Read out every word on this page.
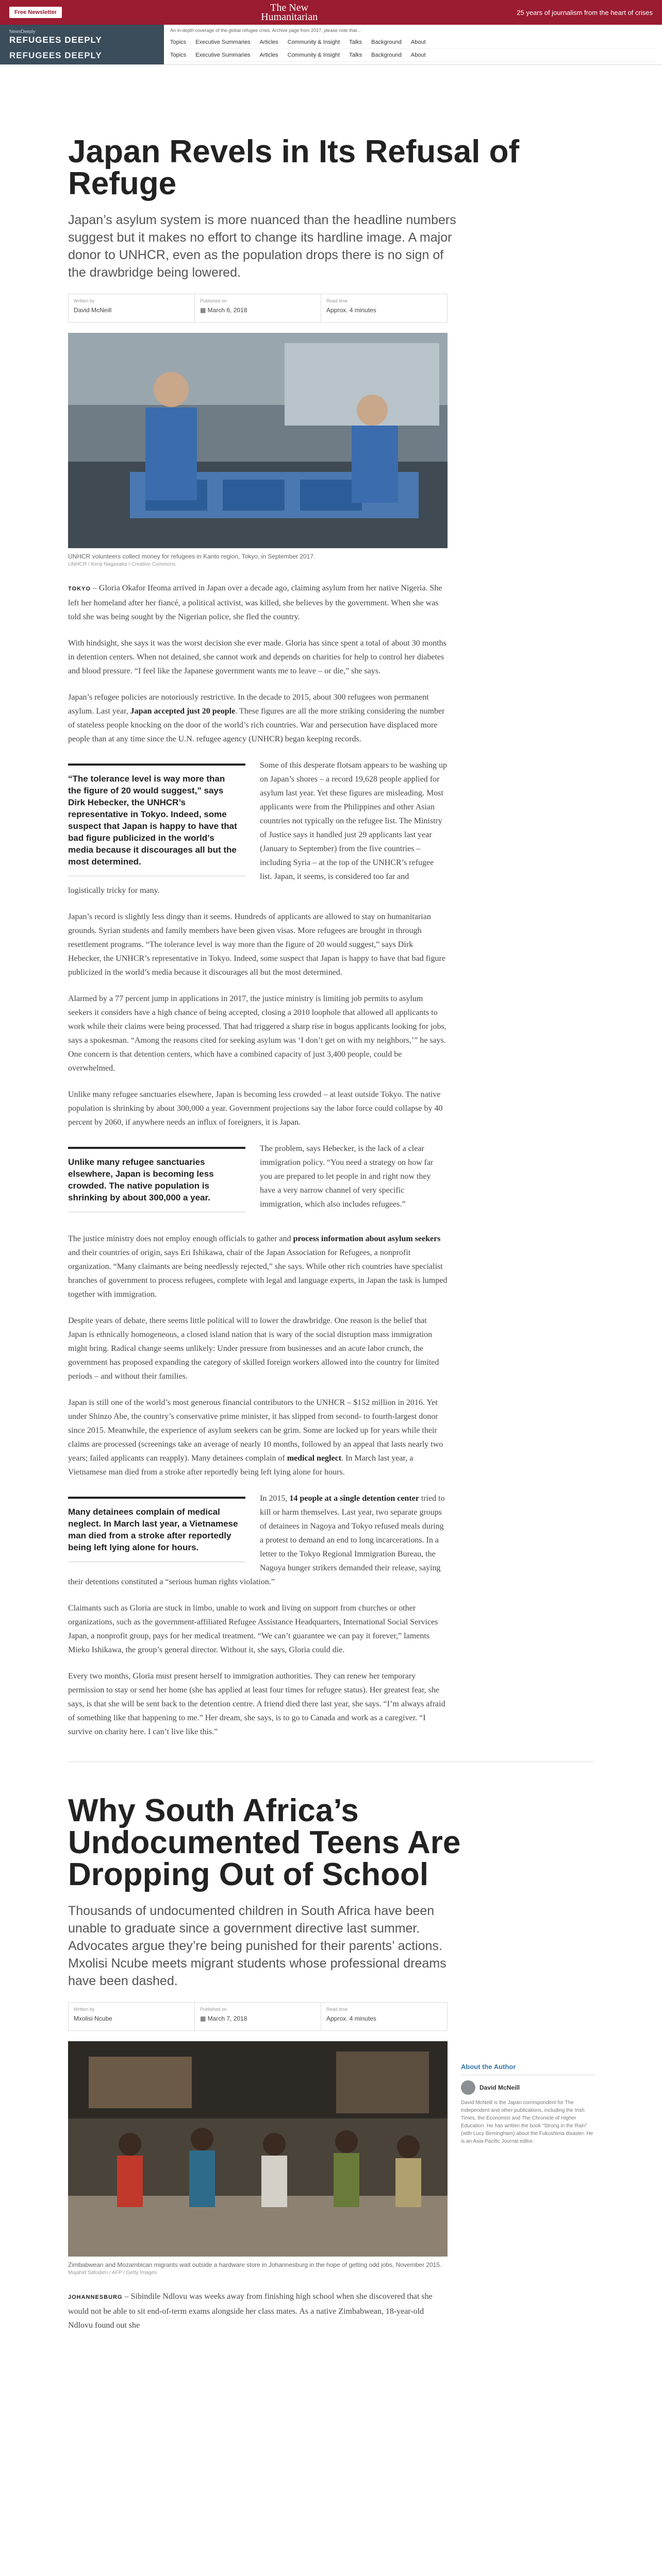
Free Newsletter	The New
Humanitarian	25 years of journalism from the heart of crises
NewsDeeply
REFUGEES DEEPLY
REFUGEES DEEPLY
An in-depth coverage of the global refugee crisis. Archive page from 2017, please note that...
Topics Executive Summaries Articles Community & Insight Talks Background About
Topics Executive Summaries Articles Community & Insight Talks Background About
Japan Revels in Its Refusal of Refuge
Japan’s asylum system is more nuanced than the headline numbers suggest but it makes no effort to change its hardline image. A major donor to UNHCR, even as the population drops there is no sign of the drawbridge being lowered.
Written by
David McNeill
Published on
▦ March 6, 2018
Read time
Approx. 4 minutes
UNHCR volunteers collect money for refugees in Kanto region, Tokyo, in September 2017.
UNHCR / Kenji Nagasaka / Creative Commons

TOKYO – Gloria Okafor Ifeoma arrived in Japan over a decade ago, claiming asylum from her native Nigeria. She left her homeland after her fiancé, a political activist, was killed, she believes by the government. When she was told she was being sought by the Nigerian police, she fled the country.

With hindsight, she says it was the worst decision she ever made. Gloria has since spent a total of about 30 months in detention centers. When not detained, she cannot work and depends on charities for help to control her diabetes and blood pressure. “I feel like the Japanese government wants me to leave – or die,” she says.

Japan’s refugee policies are notoriously restrictive. In the decade to 2015, about 300 refugees won permanent asylum. Last year, Japan accepted just 20 people. These figures are all the more striking considering the number of stateless people knocking on the door of the world’s rich countries. War and persecution have displaced more people than at any time since the U.N. refugee agency (UNHCR) began keeping records.

“The tolerance level is way more than the figure of 20 would suggest,” says Dirk Hebecker, the UNHCR’s representative in Tokyo. Indeed, some suspect that Japan is happy to have that bad figure publicized in the world’s media because it discourages all but the most determined.

Some of this desperate flotsam appears to be washing up on Japan’s shores – a record 19,628 people applied for asylum last year. Yet these figures are misleading. Most applicants were from the Philippines and other Asian countries not typically on the refugee list. The Ministry of Justice says it handled just 29 applicants last year (January to September) from the five countries – including Syria – at the top of the UNHCR’s refugee list. Japan, it seems, is considered too far and logistically tricky for many.

Japan’s record is slightly less dingy than it seems. Hundreds of applicants are allowed to stay on humanitarian grounds. Syrian students and family members have been given visas. More refugees are brought in through resettlement programs. “The tolerance level is way more than the figure of 20 would suggest,” says Dirk Hebecker, the UNHCR’s representative in Tokyo. Indeed, some suspect that Japan is happy to have that bad figure publicized in the world’s media because it discourages all but the most determined.

Alarmed by a 77 percent jump in applications in 2017, the justice ministry is limiting job permits to asylum seekers it considers have a high chance of being accepted, closing a 2010 loophole that allowed all applicants to work while their claims were being processed. That had triggered a sharp rise in bogus applicants looking for jobs, says a spokesman. “Among the reasons cited for seeking asylum was ‘I don’t get on with my neighbors,’” he says. One concern is that detention centers, which have a combined capacity of just 3,400 people, could be overwhelmed.

Unlike many refugee sanctuaries elsewhere, Japan is becoming less crowded – at least outside Tokyo. The native population is shrinking by about 300,000 a year. Government projections say the labor force could collapse by 40 percent by 2060, if anywhere needs an influx of foreigners, it is Japan.

Unlike many refugee sanctuaries elsewhere, Japan is becoming less crowded. The native population is shrinking by about 300,000 a year.

The problem, says Hebecker, is the lack of a clear immigration policy. “You need a strategy on how far you are prepared to let people in and right now they have a very narrow channel of very specific immigration, which also includes refugees.”

The justice ministry does not employ enough officials to gather and process information about asylum seekers and their countries of origin, says Eri Ishikawa, chair of the Japan Association for Refugees, a nonprofit organization. “Many claimants are being needlessly rejected,” she says. While other rich countries have specialist branches of government to process refugees, complete with legal and language experts, in Japan the task is lumped together with immigration.

Despite years of debate, there seems little political will to lower the drawbridge. One reason is the belief that Japan is ethnically homogeneous, a closed island nation that is wary of the social disruption mass immigration might bring. Radical change seems unlikely: Under pressure from businesses and an acute labor crunch, the government has proposed expanding the category of skilled foreign workers allowed into the country for limited periods – and without their families.

Japan is still one of the world’s most generous financial contributors to the UNHCR – $152 million in 2016. Yet under Shinzo Abe, the country’s conservative prime minister, it has slipped from second- to fourth-largest donor since 2015. Meanwhile, the experience of asylum seekers can be grim. Some are locked up for years while their claims are processed (screenings take an average of nearly 10 months, followed by an appeal that lasts nearly two years; failed applicants can reapply). Many detainees complain of medical neglect. In March last year, a Vietnamese man died from a stroke after reportedly being left lying alone for hours.

Many detainees complain of medical neglect. In March last year, a Vietnamese man died from a stroke after reportedly being left lying alone for hours.

In 2015, 14 people at a single detention center tried to kill or harm themselves. Last year, two separate groups of detainees in Nagoya and Tokyo refused meals during a protest to demand an end to long incarcerations. In a letter to the Tokyo Regional Immigration Bureau, the Nagoya hunger strikers demanded their release, saying their detentions constituted a “serious human rights violation.”

Claimants such as Gloria are stuck in limbo, unable to work and living on support from churches or other organizations, such as the government-affiliated Refugee Assistance Headquarters, International Social Services Japan, a nonprofit group, pays for her medical treatment. “We can’t guarantee we can pay it forever,” laments Mieko Ishikawa, the group’s general director. Without it, she says, Gloria could die.

Every two months, Gloria must present herself to immigration authorities. They can renew her temporary permission to stay or send her home (she has applied at least four times for refugee status). Her greatest fear, she says, is that she will be sent back to the detention centre. A friend died there last year, she says. “I’m always afraid of something like that happening to me.” Her dream, she says, is to go to Canada and work as a caregiver. “I survive on charity here. I can’t live like this.”

About the Author
David McNeill

David McNeill is the Japan correspondent for The Independent and other publications, including the Irish Times, the Economist and The Chronicle of Higher Education. He has written the book “Strong in the Rain” (with Lucy Birmingham) about the Fukushima disaster. He is an Asia-Pacific Journal editor.

Why South Africa’s Undocumented Teens Are Dropping Out of School
Thousands of undocumented children in South Africa have been unable to graduate since a government directive last summer. Advocates argue they’re being punished for their parents’ actions. Mxolisi Ncube meets migrant students whose professional dreams have been dashed.
Written by
Mxolisi Ncube
Published on
▦ March 7, 2018
Read time
Approx. 4 minutes
Zimbabwean and Mozambican migrants wait outside a hardware store in Johannesburg in the hope of getting odd jobs, November 2015.
Mujahid Safodien / AFP / Getty Images

JOHANNESBURG – Sibindile Ndlovu was weeks away from finishing high school when she discovered that she would not be able to sit end-of-term exams alongside her class mates. As a native Zimbabwean, 18-year-old Ndlovu found out she
